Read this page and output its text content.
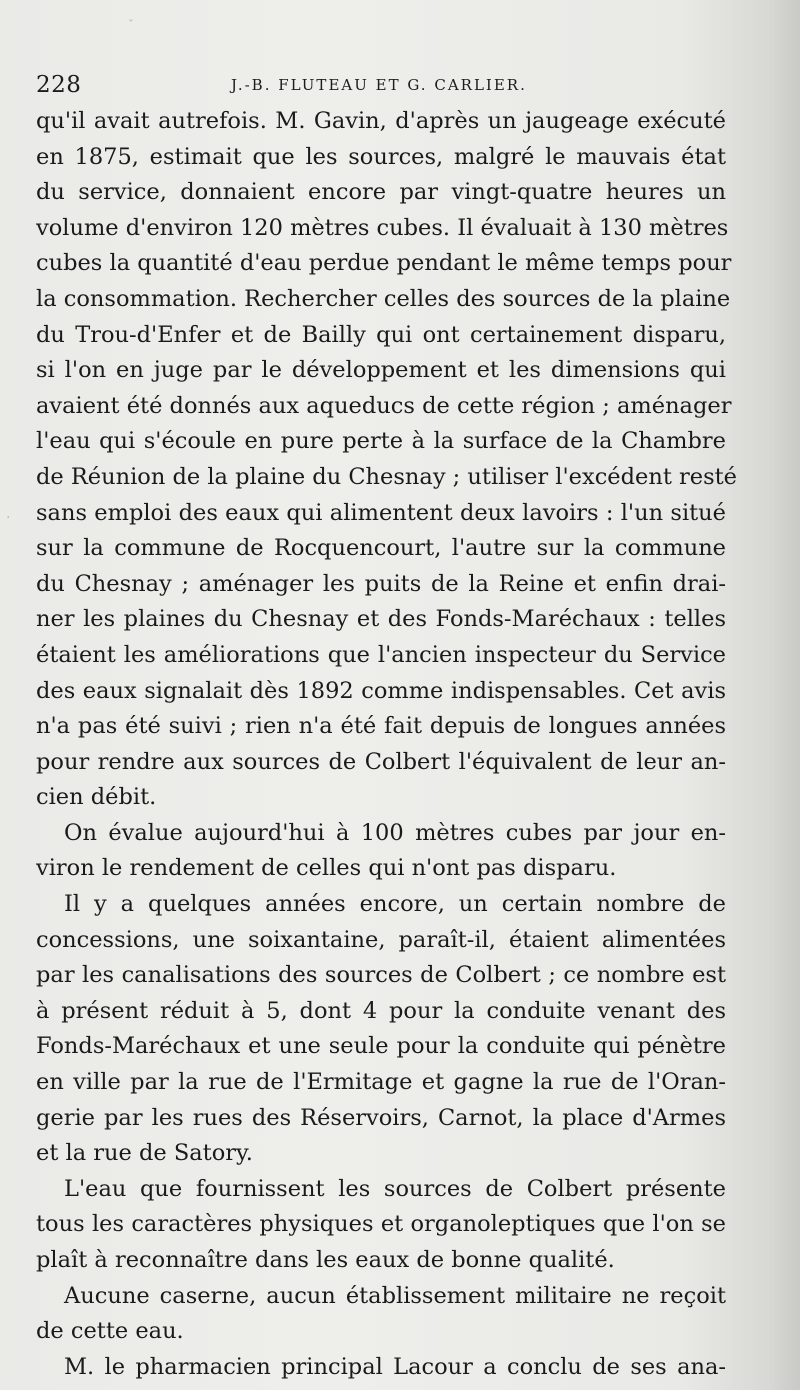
228	J.-B. FLUTEAU ET G. CARLIER.
qu'il avait autrefois. M. Gavin, d'après un jaugeage exécuté
en 1875, estimait que les sources, malgré le mauvais état
du service, donnaient encore par vingt-quatre heures un
volume d'environ 120 mètres cubes. Il évaluait à 130 mètres
cubes la quantité d'eau perdue pendant le même temps pour
la consommation. Rechercher celles des sources de la plaine
du Trou-d'Enfer et de Bailly qui ont certainement disparu,
si l'on en juge par le développement et les dimensions qui
avaient été donnés aux aqueducs de cette région ; aménager
l'eau qui s'écoule en pure perte à la surface de la Chambre
de Réunion de la plaine du Chesnay ; utiliser l'excédent resté
sans emploi des eaux qui alimentent deux lavoirs : l'un situé
sur la commune de Rocquencourt, l'autre sur la commune
du Chesnay ; aménager les puits de la Reine et enfin drai-
ner les plaines du Chesnay et des Fonds-Maréchaux : telles
étaient les améliorations que l'ancien inspecteur du Service
des eaux signalait dès 1892 comme indispensables. Cet avis
n'a pas été suivi ; rien n'a été fait depuis de longues années
pour rendre aux sources de Colbert l'équivalent de leur an-
cien débit.
On évalue aujourd'hui à 100 mètres cubes par jour en-
viron le rendement de celles qui n'ont pas disparu.
Il y a quelques années encore, un certain nombre de
concessions, une soixantaine, paraît-il, étaient alimentées
par les canalisations des sources de Colbert ; ce nombre est
à présent réduit à 5, dont 4 pour la conduite venant des
Fonds-Maréchaux et une seule pour la conduite qui pénètre
en ville par la rue de l'Ermitage et gagne la rue de l'Oran-
gerie par les rues des Réservoirs, Carnot, la place d'Armes
et la rue de Satory.
L'eau que fournissent les sources de Colbert présente
tous les caractères physiques et organoleptiques que l'on se
plaît à reconnaître dans les eaux de bonne qualité.
Aucune caserne, aucun établissement militaire ne reçoit
de cette eau.
M. le pharmacien principal Lacour a conclu de ses ana-
·
ˇ
